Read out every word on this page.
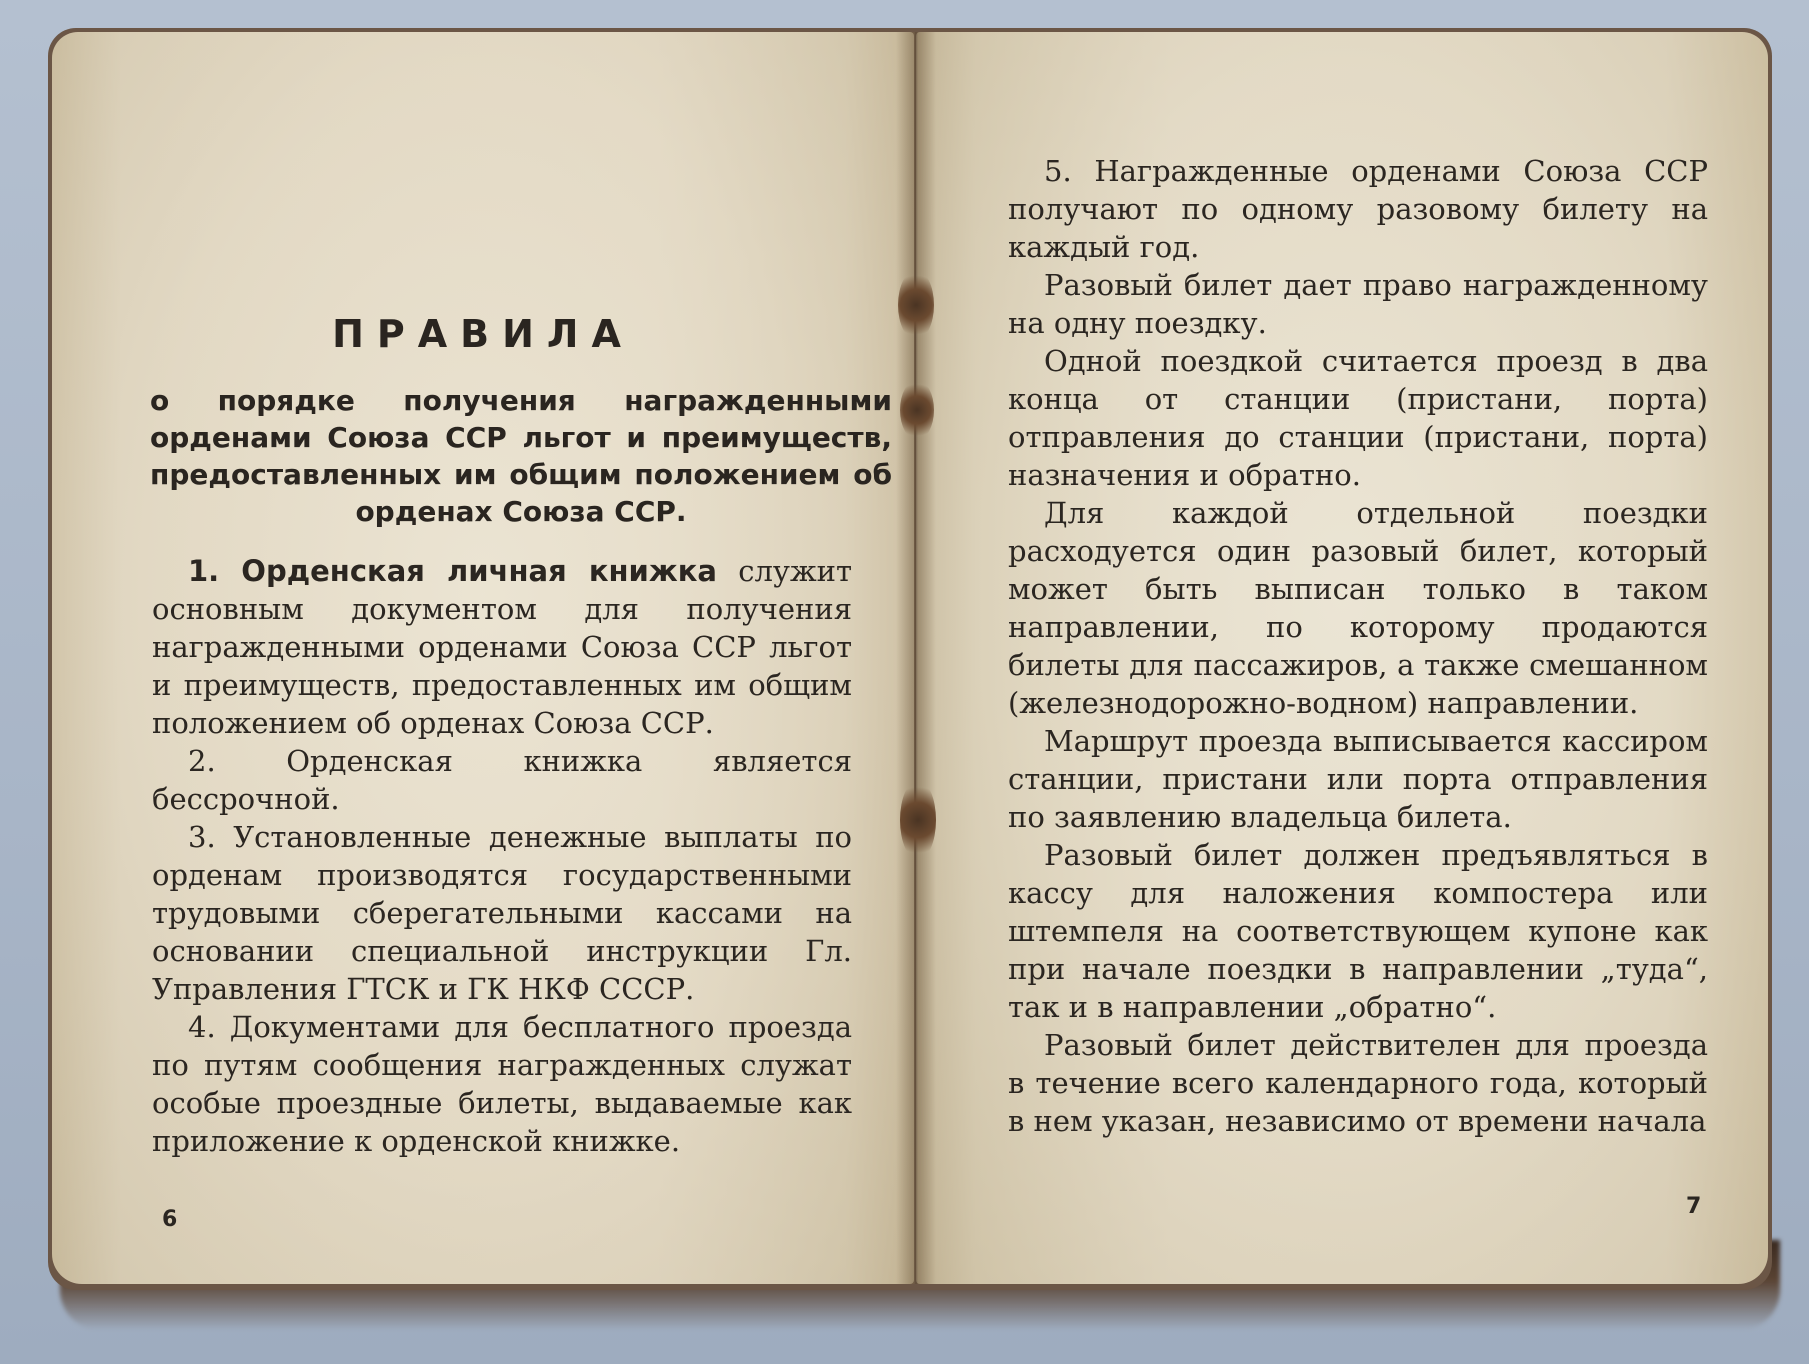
ПРАВИЛА
о порядке получения награжденными орденами Союза ССР льгот и преимуществ, предоставленных им общим положением об орденах Союза ССР.

1. Орденская личная книжка служит основным документом для получения награжденными орденами Союза ССР льгот и преимуществ, предоставленных им общим положением об орденах Союза ССР.

2. Орденская книжка является бессрочной.

3. Установленные денежные выплаты по орденам производятся государственными трудовыми сберегательными кассами на основании специальной инструкции Гл. Управления ГТСК и ГК НКФ СССР.

4. Документами для бесплатного проезда по путям сообщения награжденных служат особые проездные билеты, выдаваемые как приложение к орденской книжке.

6

5. Награжденные орденами Союза ССР получают по одному разовому билету на каждый год.

Разовый билет дает право награжденному на одну поездку.

Одной поездкой считается проезд в два конца от станции (пристани, порта) отправления до станции (пристани, порта) назначения и обратно.

Для каждой отдельной поездки расходуется один разовый билет, который может быть выписан только в таком направлении, по которому продаются билеты для пассажиров, а также смешанном (железнодорожно-водном) направлении.

Маршрут проезда выписывается кассиром станции, пристани или порта отправления по заявлению владельца билета.

Разовый билет должен предъявляться в кассу для наложения компостера или штемпеля на соответствующем купоне как при начале поездки в направлении „туда“, так и в направлении „обратно“.

Разовый билет действителен для проезда в течение всего календарного года, который в нем указан, независимо от времени начала

7
